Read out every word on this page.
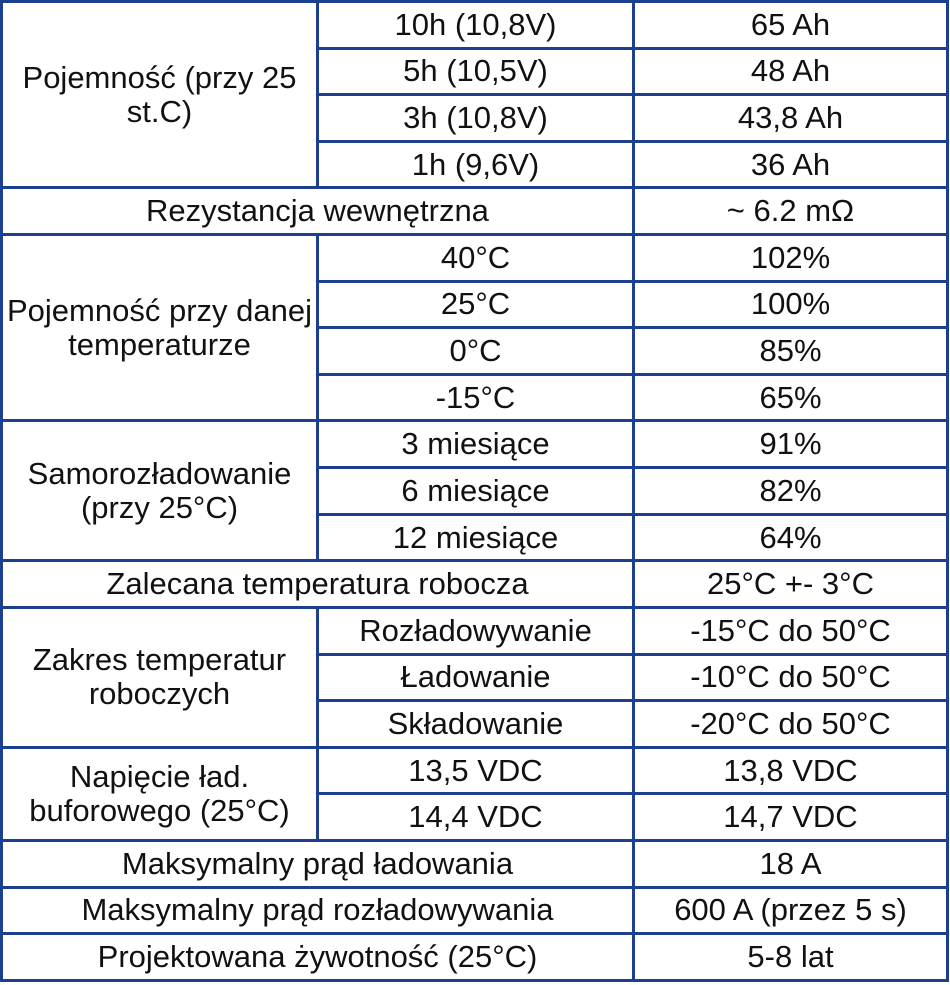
Pojemność (przy 25 st.C)	10h (10,8V)	65 Ah
	5h (10,5V)	48 Ah
	3h (10,8V)	43,8 Ah
	1h (9,6V)	36 Ah
Rezystancja wewnętrzna		~ 6.2 mΩ
Pojemność przy danej temperaturze	40°C	102%
	25°C	100%
	0°C	85%
	-15°C	65%
Samorozładowanie (przy 25°C)	3 miesiące	91%
	6 miesiące	82%
	12 miesiące	64%
Zalecana temperatura robocza		25°C +- 3°C
Zakres temperatur roboczych	Rozładowywanie	-15°C do 50°C
	Ładowanie	-10°C do 50°C
	Składowanie	-20°C do 50°C
Napięcie ład. buforowego (25°C)	13,5 VDC	13,8 VDC
	14,4 VDC	14,7 VDC
Maksymalny prąd ładowania		18 A
Maksymalny prąd rozładowywania		600 A (przez 5 s)
Projektowana żywotność (25°C)		5-8 lat
